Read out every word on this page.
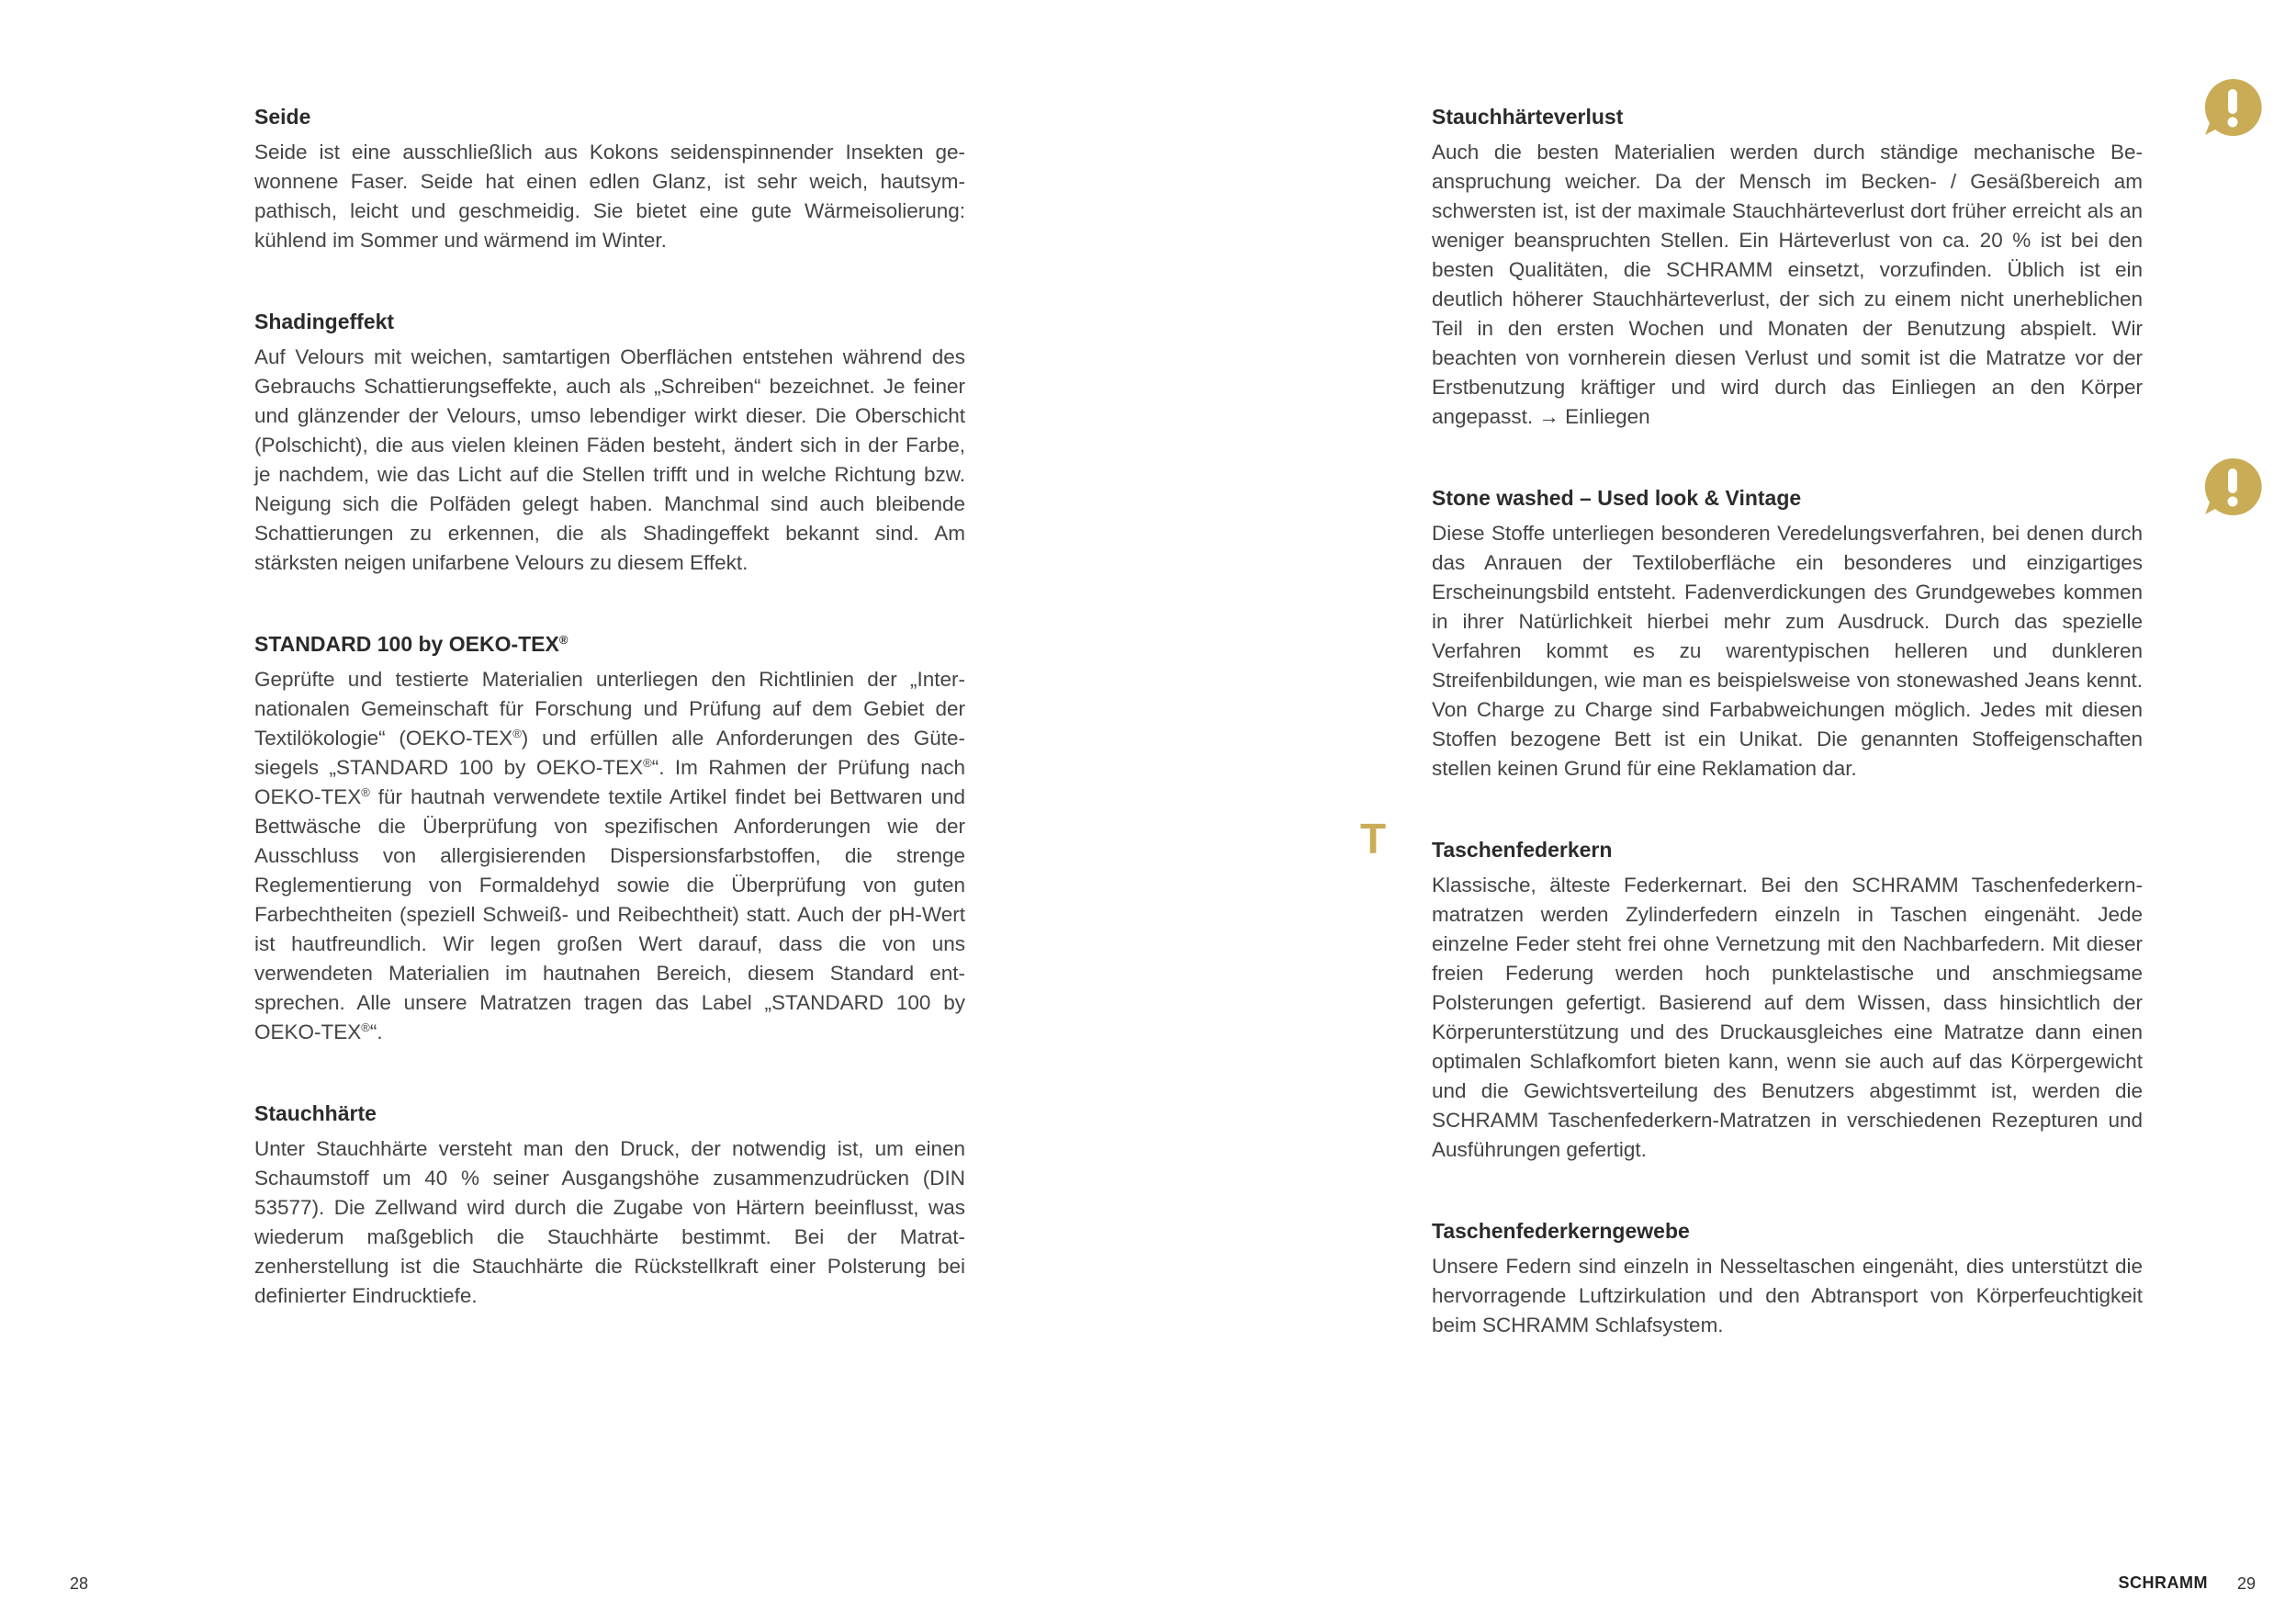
Seide

Seide ist eine ausschließlich aus Kokons seidenspinnender Insekten gewonnene Faser. Seide hat einen edlen Glanz, ist sehr weich, hautsympathisch, leicht und geschmeidig. Sie bietet eine gute Wärmeisolierung: kühlend im Sommer und wärmend im Winter.

Shadingeffekt

Auf Velours mit weichen, samtartigen Oberflächen entstehen während des Gebrauchs Schattierungseffekte, auch als „Schreiben“ bezeichnet. Je feiner und glänzender der Velours, umso lebendiger wirkt dieser. Die Oberschicht (Polschicht), die aus vielen kleinen Fäden besteht, ändert sich in der Farbe, je nachdem, wie das Licht auf die Stellen trifft und in welche Richtung bzw. Neigung sich die Polfäden gelegt haben. Manchmal sind auch bleibende Schattierungen zu erkennen, die als Shadingeffekt bekannt sind. Am stärksten neigen unifarbene Velours zu diesem Effekt.

STANDARD 100 by OEKO-TEX®

Geprüfte und testierte Materialien unterliegen den Richtlinien der „Internationalen Gemeinschaft für Forschung und Prüfung auf dem Gebiet der Textilökologie“ (OEKO-TEX®) und erfüllen alle Anforderungen des Gütesiegels „STANDARD 100 by OEKO-TEX®“. Im Rahmen der Prüfung nach OEKO-TEX® für hautnah verwendete textile Artikel findet bei Bettwaren und Bettwäsche die Überprüfung von spezifischen Anforderungen wie der Ausschluss von allergisierenden Dispersionsfarbstoffen, die strenge Reglementierung von Formaldehyd sowie die Überprüfung von guten Farbechtheiten (speziell Schweiß- und Reibechtheit) statt. Auch der pH-Wert ist hautfreundlich. Wir legen großen Wert darauf, dass die von uns verwendeten Materialien im hautnahen Bereich, diesem Standard entsprechen. Alle unsere Matratzen tragen das Label „STANDARD 100 by OEKO-TEX®“.

Stauchhärte

Unter Stauchhärte versteht man den Druck, der notwendig ist, um einen Schaumstoff um 40 % seiner Ausgangshöhe zusammenzudrücken (DIN 53577). Die Zellwand wird durch die Zugabe von Härtern beeinflusst, was wiederum maßgeblich die Stauchhärte bestimmt. Bei der Matratzenherstellung ist die Stauchhärte die Rückstellkraft einer Polsterung bei definierter Eindrucktiefe.

Stauchhärteverlust

Auch die besten Materialien werden durch ständige mechanische Beanspruchung weicher. Da der Mensch im Becken- / Gesäßbereich am schwersten ist, ist der maximale Stauchhärteverlust dort früher erreicht als an weniger beanspruchten Stellen. Ein Härteverlust von ca. 20 % ist bei den besten Qualitäten, die SCHRAMM einsetzt, vorzufinden. Üblich ist ein deutlich höherer Stauchhärteverlust, der sich zu einem nicht unerheblichen Teil in den ersten Wochen und Monaten der Benutzung abspielt. Wir beachten von vornherein diesen Verlust und somit ist die Matratze vor der Erstbenutzung kräftiger und wird durch das Einliegen an den Körper angepasst. → Einliegen

Stone washed – Used look & Vintage

Diese Stoffe unterliegen besonderen Veredelungsverfahren, bei denen durch das Anrauen der Textiloberfläche ein besonderes und einzigartiges Erscheinungsbild entsteht. Fadenverdickungen des Grundgewebes kommen in ihrer Natürlichkeit hierbei mehr zum Ausdruck. Durch das spezielle Verfahren kommt es zu warentypischen helleren und dunkleren Streifenbildungen, wie man es beispielsweise von stonewashed Jeans kennt. Von Charge zu Charge sind Farbabweichungen möglich. Jedes mit diesen Stoffen bezogene Bett ist ein Unikat. Die genannten Stoffeigenschaften stellen keinen Grund für eine Reklamation dar.

Taschenfederkern

Klassische, älteste Federkernart. Bei den SCHRAMM Taschenfederkernmatratzen werden Zylinderfedern einzeln in Taschen eingenäht. Jede einzelne Feder steht frei ohne Vernetzung mit den Nachbarfedern. Mit dieser freien Federung werden hoch punktelastische und anschmiegsame Polsterungen gefertigt. Basierend auf dem Wissen, dass hinsichtlich der Körperunterstützung und des Druckausgleiches eine Matratze dann einen optimalen Schlafkomfort bieten kann, wenn sie auch auf das Körpergewicht und die Gewichtsverteilung des Benutzers abgestimmt ist, werden die SCHRAMM Taschenfederkern-Matratzen in verschiedenen Rezepturen und Ausführungen gefertigt.

Taschenfederkerngewebe

Unsere Federn sind einzeln in Nesseltaschen eingenäht, dies unterstützt die hervorragende Luftzirkulation und den Abtransport von Körperfeuchtigkeit beim SCHRAMM Schlafsystem.

T
28	SCHRAMM 29
